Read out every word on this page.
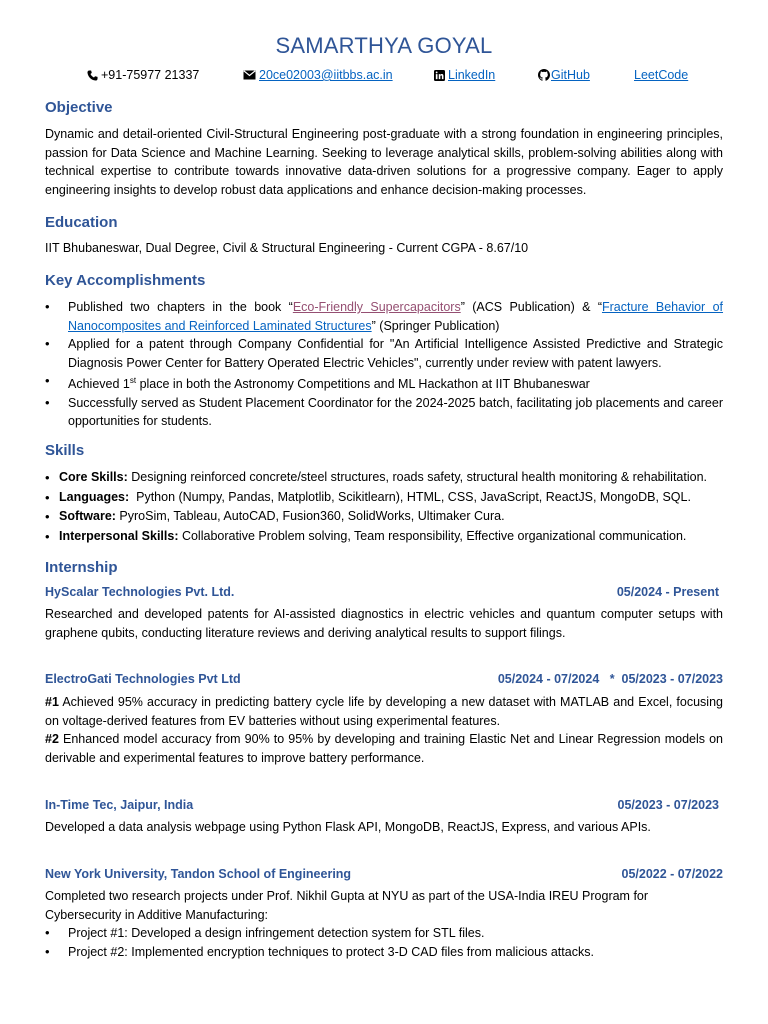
SAMARTHYA GOYAL
+91-75977 21337	20ce02003@iitbbs.ac.in	LinkedIn	GitHub	LeetCode
Objective
Dynamic and detail-oriented Civil-Structural Engineering post-graduate with a strong foundation in engineering principles, passion for Data Science and Machine Learning. Seeking to leverage analytical skills, problem-solving abilities along with technical expertise to contribute towards innovative data-driven solutions for a progressive company. Eager to apply engineering insights to develop robust data applications and enhance decision-making processes.
Education
IIT Bhubaneswar, Dual Degree, Civil & Structural Engineering - Current CGPA - 8.67/10
Key Accomplishments
• Published two chapters in the book “Eco-Friendly Supercapacitors” (ACS Publication) & “Fracture Behavior of Nanocomposites and Reinforced Laminated Structures” (Springer Publication)
• Applied for a patent through Company Confidential for "An Artificial Intelligence Assisted Predictive and Strategic Diagnosis Power Center for Battery Operated Electric Vehicles", currently under review with patent lawyers.
• Achieved 1st place in both the Astronomy Competitions and ML Hackathon at IIT Bhubaneswar
• Successfully served as Student Placement Coordinator for the 2024-2025 batch, facilitating job placements and career opportunities for students.
Skills
• Core Skills: Designing reinforced concrete/steel structures, roads safety, structural health monitoring & rehabilitation.
• Languages:  Python (Numpy, Pandas, Matplotlib, Scikitlearn), HTML, CSS, JavaScript, ReactJS, MongoDB, SQL.
• Software: PyroSim, Tableau, AutoCAD, Fusion360, SolidWorks, Ultimaker Cura.
• Interpersonal Skills: Collaborative Problem solving, Team responsibility, Effective organizational communication.
Internship
HyScalar Technologies Pvt. Ltd.	05/2024 - Present
Researched and developed patents for AI-assisted diagnostics in electric vehicles and quantum computer setups with graphene qubits, conducting literature reviews and deriving analytical results to support filings.
ElectroGati Technologies Pvt Ltd	05/2024 - 07/2024   *  05/2023 - 07/2023
#1 Achieved 95% accuracy in predicting battery cycle life by developing a new dataset with MATLAB and Excel, focusing on voltage-derived features from EV batteries without using experimental features.
#2 Enhanced model accuracy from 90% to 95% by developing and training Elastic Net and Linear Regression models on derivable and experimental features to improve battery performance.
In-Time Tec, Jaipur, India	05/2023 - 07/2023
Developed a data analysis webpage using Python Flask API, MongoDB, ReactJS, Express, and various APIs.
New York University, Tandon School of Engineering	05/2022 - 07/2022
Completed two research projects under Prof. Nikhil Gupta at NYU as part of the USA-India IREU Program for Cybersecurity in Additive Manufacturing:
• Project #1: Developed a design infringement detection system for STL files.
• Project #2: Implemented encryption techniques to protect 3-D CAD files from malicious attacks.
